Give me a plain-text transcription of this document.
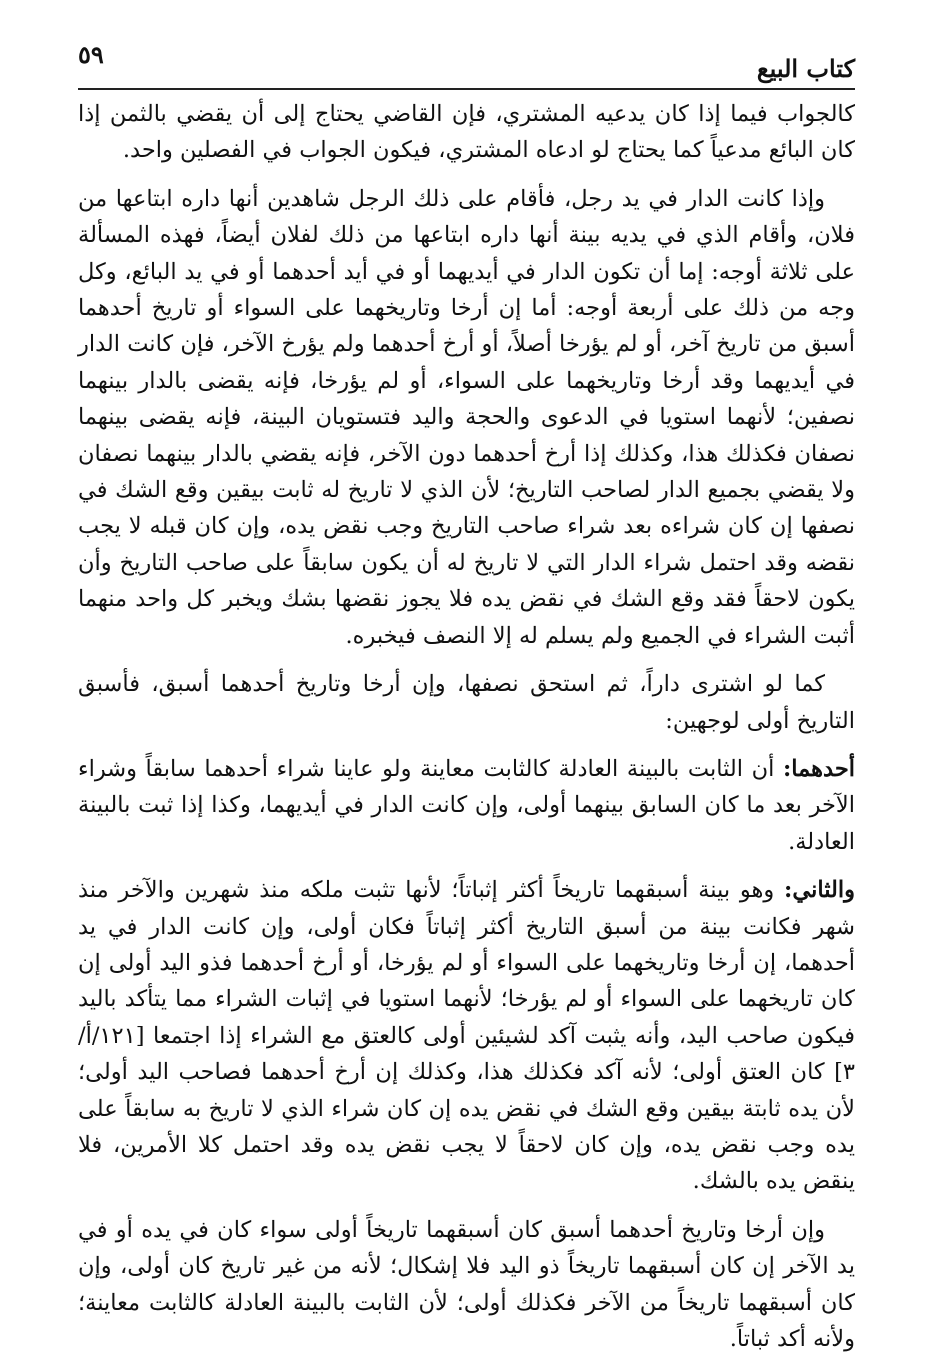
٥٩	كتاب البيع

كالجواب فيما إذا كان يدعيه المشتري، فإن القاضي يحتاج إلى أن يقضي بالثمن إذا كان البائع مدعياً كما يحتاج لو ادعاه المشتري، فيكون الجواب في الفصلين واحد.

وإذا كانت الدار في يد رجل، فأقام على ذلك الرجل شاهدين أنها داره ابتاعها من فلان، وأقام الذي في يديه بينة أنها داره ابتاعها من ذلك لفلان أيضاً، فهذه المسألة على ثلاثة أوجه: إما أن تكون الدار في أيديهما أو في أيد أحدهما أو في يد البائع، وكل وجه من ذلك على أربعة أوجه: أما إن أرخا وتاريخهما على السواء أو تاريخ أحدهما أسبق من تاريخ آخر، أو لم يؤرخا أصلاً، أو أرخ أحدهما ولم يؤرخ الآخر، فإن كانت الدار في أيديهما وقد أرخا وتاريخهما على السواء، أو لم يؤرخا، فإنه يقضى بالدار بينهما نصفين؛ لأنهما استويا في الدعوى والحجة واليد فتستويان البينة، فإنه يقضى بينهما نصفان فكذلك هذا، وكذلك إذا أرخ أحدهما دون الآخر، فإنه يقضي بالدار بينهما نصفان ولا يقضي بجميع الدار لصاحب التاريخ؛ لأن الذي لا تاريخ له ثابت بيقين وقع الشك في نصفها إن كان شراءه بعد شراء صاحب التاريخ وجب نقض يده، وإن كان قبله لا يجب نقضه وقد احتمل شراء الدار التي لا تاريخ له أن يكون سابقاً على صاحب التاريخ وأن يكون لاحقاً فقد وقع الشك في نقض يده فلا يجوز نقضها بشك ويخبر كل واحد منهما أثبت الشراء في الجميع ولم يسلم له إلا النصف فيخبره.

كما لو اشترى داراً، ثم استحق نصفها، وإن أرخا وتاريخ أحدهما أسبق، فأسبق التاريخ أولى لوجهين:

أحدهما: أن الثابت بالبينة العادلة كالثابت معاينة ولو عاينا شراء أحدهما سابقاً وشراء الآخر بعد ما كان السابق بينهما أولى، وإن كانت الدار في أيديهما، وكذا إذا ثبت بالبينة العادلة.

والثاني: وهو بينة أسبقهما تاريخاً أكثر إثباتاً؛ لأنها تثبت ملكه منذ شهرين والآخر منذ شهر فكانت بينة من أسبق التاريخ أكثر إثباتاً فكان أولى، وإن كانت الدار في يد أحدهما، إن أرخا وتاريخهما على السواء أو لم يؤرخا، أو أرخ أحدهما فذو اليد أولى إن كان تاريخهما على السواء أو لم يؤرخا؛ لأنهما استويا في إثبات الشراء مما يتأكد باليد فيكون صاحب اليد، وأنه يثبت آكد لشيئين أولى كالعتق مع الشراء إذا اجتمعا [١٢١/أ/٣] كان العتق أولى؛ لأنه آكد فكذلك هذا، وكذلك إن أرخ أحدهما فصاحب اليد أولى؛ لأن يده ثابتة بيقين وقع الشك في نقض يده إن كان شراء الذي لا تاريخ به سابقاً على يده وجب نقض يده، وإن كان لاحقاً لا يجب نقض يده وقد احتمل كلا الأمرين، فلا ينقض يده بالشك.

وإن أرخا وتاريخ أحدهما أسبق كان أسبقهما تاريخاً أولى سواء كان في يده أو في يد الآخر إن كان أسبقهما تاريخاً ذو اليد فلا إشكال؛ لأنه من غير تاريخ كان أولى، وإن كان أسبقهما تاريخاً من الآخر فكذلك أولى؛ لأن الثابت بالبينة العادلة كالثابت معاينة؛ ولأنه أكد ثباتاً.
